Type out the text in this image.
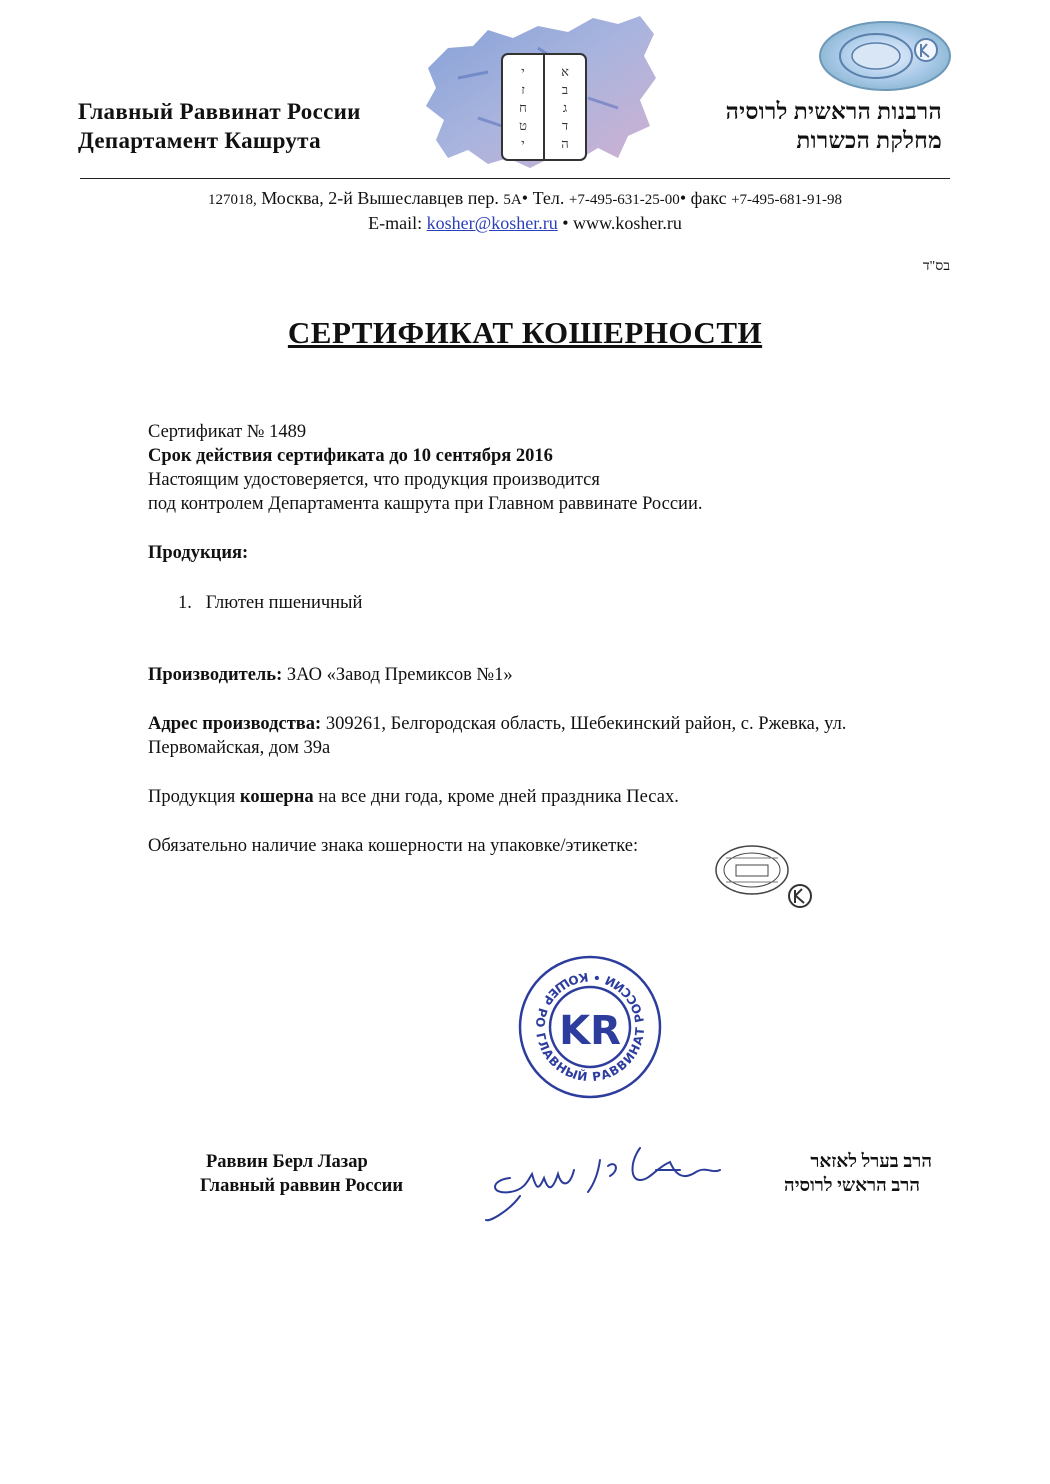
י
ז
ח
ט
י
א
ב
ג
ד
ה
Главный Раввинат России
Департамент Кашрута
הרבנות הראשית לרוסיה
מחלקת הכשרות
127018, Москва, 2-й Вышеславцев пер. 5А• Тел. +7-495-631-25-00• факс +7-495-681-91-98
E-mail: kosher@kosher.ru • www.kosher.ru
בס"ד
СЕРТИФИКАТ КОШЕРНОСТИ
Сертификат № 1489
Срок действия сертификата до 10 сентября 2016
Настоящим удостоверяется, что продукция производится
под контролем Департамента кашрута при Главном раввинате России.
Продукция:
1. Глютен пшеничный
Производитель: ЗАО «Завод Премиксов №1»
Адрес производства: 309261, Белгородская область, Шебекинский район, с. Ржевка, ул.
Первомайская, дом 39а
Продукция кошерна на все дни года, кроме дней праздника Песах.
Обязательно наличие знака кошерности на упаковке/этикетке:
ГЛАВНЫЙ РАВВИНАТ РОССИИ • КОШЕР РО KR
Раввин Берл Лазар
Главный раввин России
הרב בערל לאזאר
הרב הראשי לרוסיה
